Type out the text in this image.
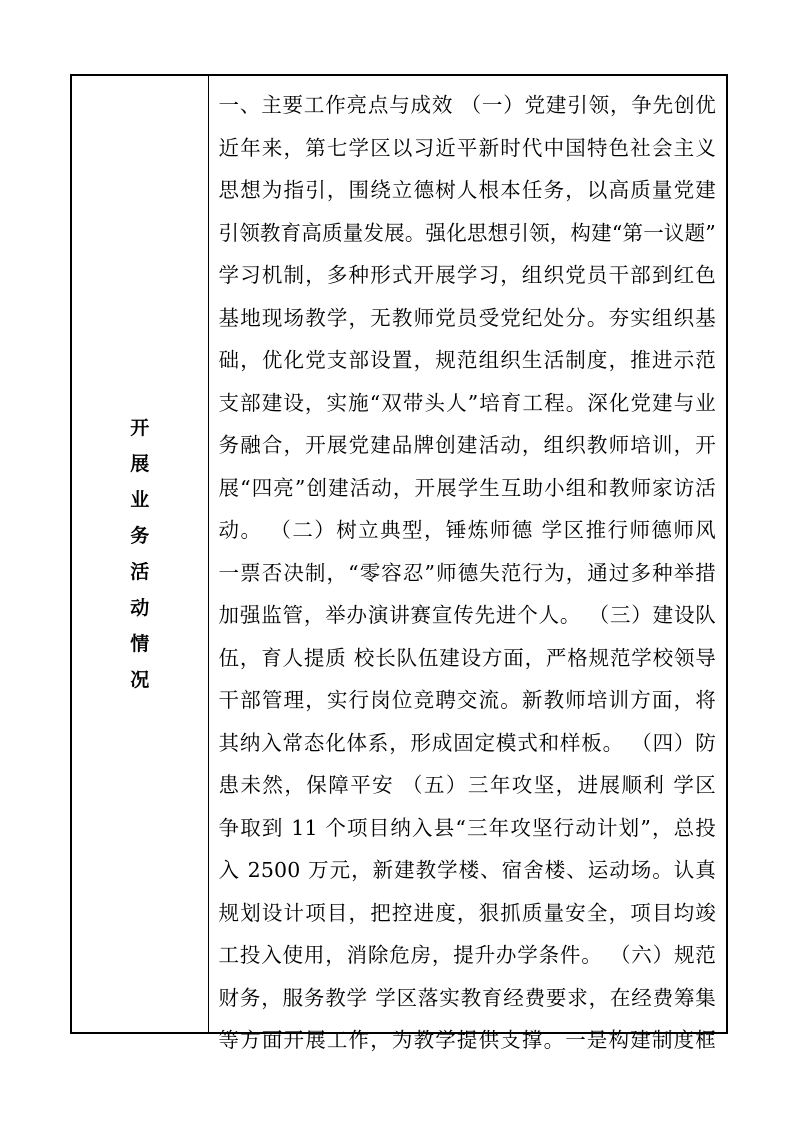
开
展
业
务
活
动
情
况
一、主要工作亮点与成效 （一）党建引领，争先创优
近年来，第七学区以习近平新时代中国特色社会主义
思想为指引，围绕立德树人根本任务，以高质量党建
引领教育高质量发展。强化思想引领，构建“第一议题”
学习机制，多种形式开展学习，组织党员干部到红色
基地现场教学，无教师党员受党纪处分。夯实组织基
础，优化党支部设置，规范组织生活制度，推进示范
支部建设，实施“双带头人”培育工程。深化党建与业
务融合，开展党建品牌创建活动，组织教师培训，开
展“四亮”创建活动，开展学生互助小组和教师家访活
动。 （二）树立典型，锤炼师德 学区推行师德师风
一票否决制，“零容忍”师德失范行为，通过多种举措
加强监管，举办演讲赛宣传先进个人。 （三）建设队
伍，育人提质 校长队伍建设方面，严格规范学校领导
干部管理，实行岗位竞聘交流。新教师培训方面，将
其纳入常态化体系，形成固定模式和样板。 （四）防
患未然，保障平安 （五）三年攻坚，进展顺利 学区
争取到 11 个项目纳入县“三年攻坚行动计划”，总投
入 2500 万元，新建教学楼、宿舍楼、运动场。认真
规划设计项目，把控进度，狠抓质量安全，项目均竣
工投入使用，消除危房，提升办学条件。 （六）规范
财务，服务教学 学区落实教育经费要求，在经费筹集
等方面开展工作，为教学提供支撑。一是构建制度框
